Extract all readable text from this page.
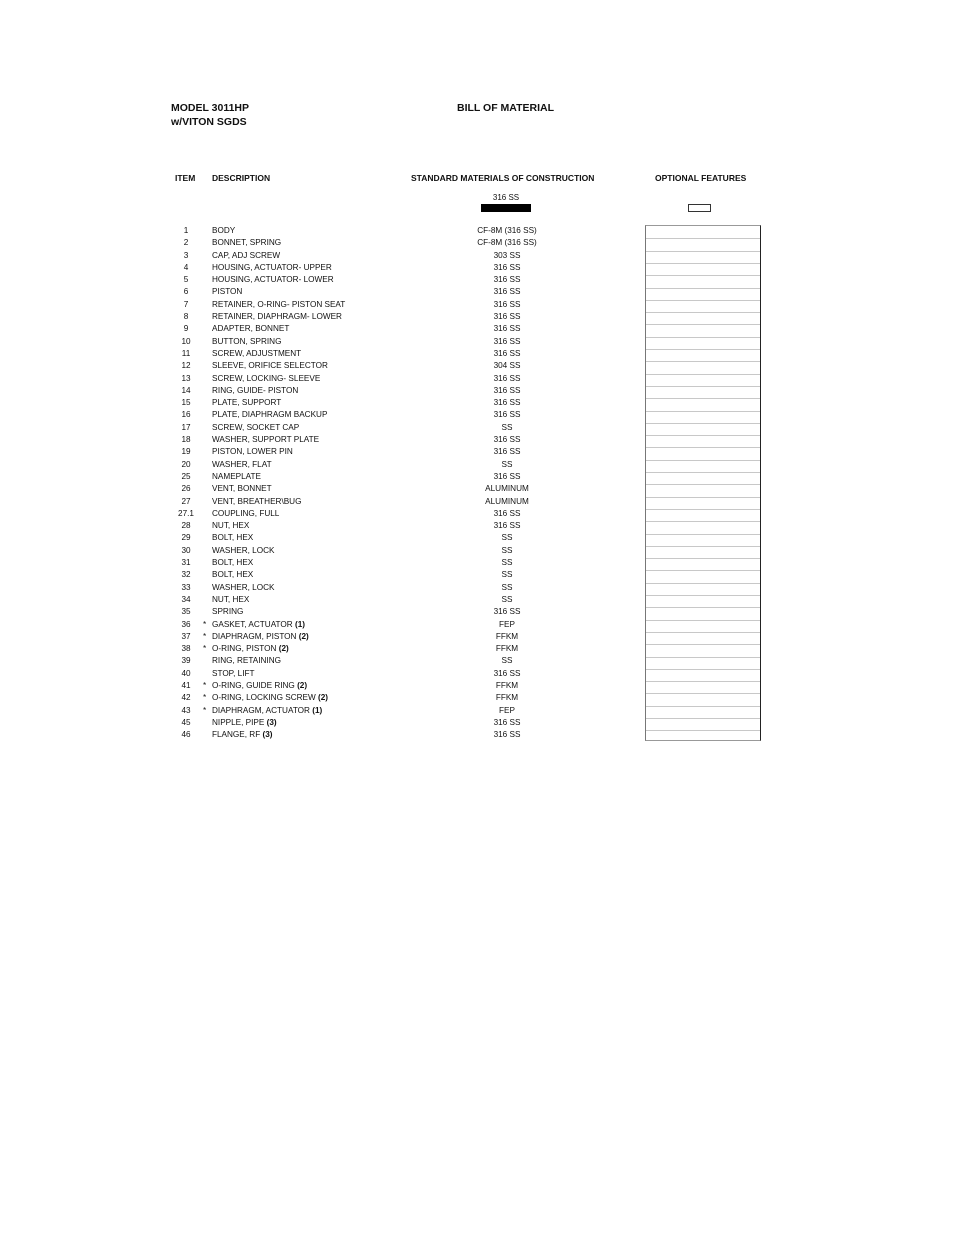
MODEL 3011HP
w/VITON SGDS
BILL OF MATERIAL
ITEM DESCRIPTION	STANDARD MATERIALS OF CONSTRUCTION	OPTIONAL FEATURES
316 SS
1	BODY	CF-8M (316 SS)
2	BONNET, SPRING	CF-8M (316 SS)
3	CAP, ADJ SCREW	303 SS
4	HOUSING, ACTUATOR- UPPER	316 SS
5	HOUSING, ACTUATOR- LOWER	316 SS
6	PISTON	316 SS
7	RETAINER, O-RING- PISTON SEAT	316 SS
8	RETAINER, DIAPHRAGM- LOWER	316 SS
9	ADAPTER, BONNET	316 SS
10	BUTTON, SPRING	316 SS
11	SCREW, ADJUSTMENT	316 SS
12	SLEEVE, ORIFICE SELECTOR	304 SS
13	SCREW, LOCKING- SLEEVE	316 SS
14	RING, GUIDE- PISTON	316 SS
15	PLATE, SUPPORT	316 SS
16	PLATE, DIAPHRAGM BACKUP	316 SS
17	SCREW, SOCKET CAP	SS
18	WASHER, SUPPORT PLATE	316 SS
19	PISTON, LOWER PIN	316 SS
20	WASHER, FLAT	SS
25	NAMEPLATE	316 SS
26	VENT, BONNET	ALUMINUM
27	VENT, BREATHER\BUG	ALUMINUM
27.1	COUPLING, FULL	316 SS
28	NUT, HEX	316 SS
29	BOLT, HEX	SS
30	WASHER, LOCK	SS
31	BOLT, HEX	SS
32	BOLT, HEX	SS
33	WASHER, LOCK	SS
34	NUT, HEX	SS
35	SPRING	316 SS
36	* GASKET, ACTUATOR (1)	FEP
37	* DIAPHRAGM, PISTON (2)	FFKM
38	* O-RING, PISTON (2)	FFKM
39	RING, RETAINING	SS
40	STOP, LIFT	316 SS
41	* O-RING, GUIDE RING (2)	FFKM
42	* O-RING, LOCKING SCREW (2)	FFKM
43	* DIAPHRAGM, ACTUATOR (1)	FEP
45	NIPPLE, PIPE (3)	316 SS
46	FLANGE, RF (3)	316 SS
